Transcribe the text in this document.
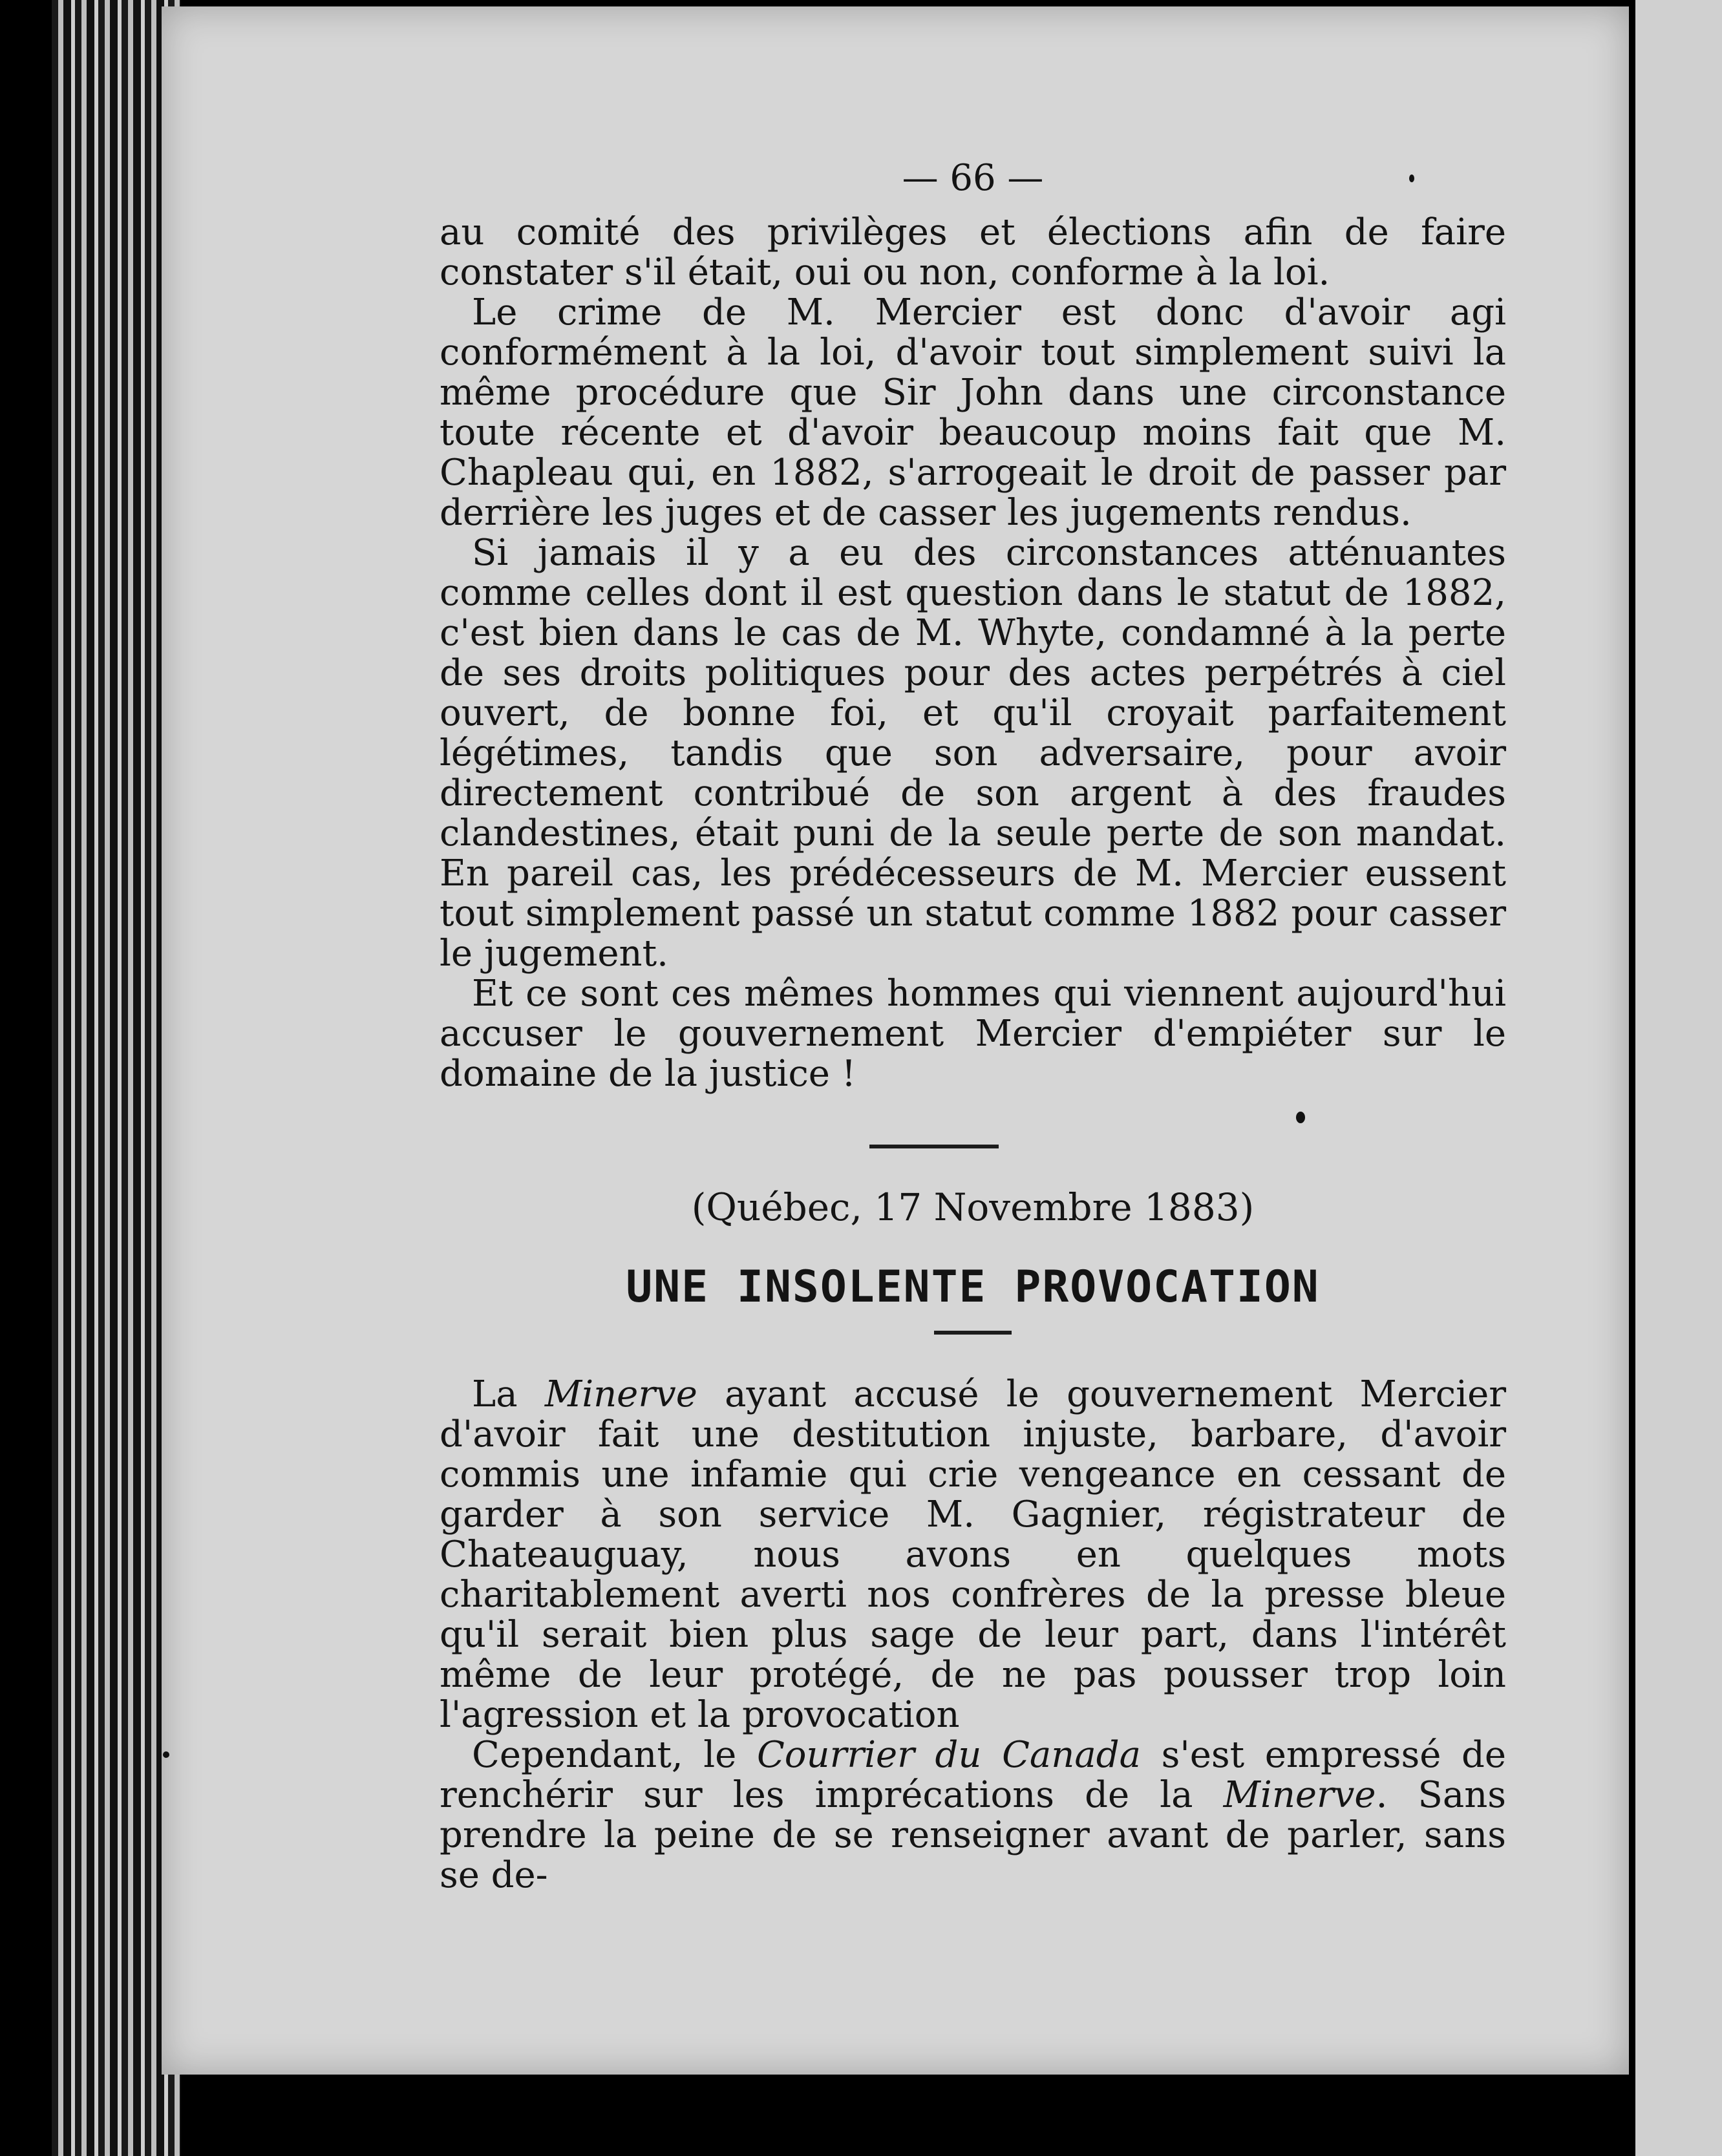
— 66 —

au comité des privilèges et élections afin de faire constater s'il était, oui ou non, conforme à la loi.

Le crime de M. Mercier est donc d'avoir agi conformément à la loi, d'avoir tout simplement suivi la même procédure que Sir John dans une circonstance toute récente et d'avoir beaucoup moins fait que M. Chapleau qui, en 1882, s'arrogeait le droit de passer par derrière les juges et de casser les jugements rendus.

Si jamais il y a eu des circonstances atténuantes comme celles dont il est question dans le statut de 1882, c'est bien dans le cas de M. Whyte, condamné à la perte de ses droits politiques pour des actes perpétrés à ciel ouvert, de bonne foi, et qu'il croyait parfaitement légétimes, tandis que son adversaire, pour avoir directement contribué de son argent à des fraudes clandestines, était puni de la seule perte de son mandat. En pareil cas, les prédécesseurs de M. Mercier eussent tout simplement passé un statut comme 1882 pour casser le jugement.

Et ce sont ces mêmes hommes qui viennent aujourd'hui accuser le gouvernement Mercier d'empiéter sur le domaine de la justice !

(Québec, 17 Novembre 1883)
UNE INSOLENTE PROVOCATION

La Minerve ayant accusé le gouvernement Mercier d'avoir fait une destitution injuste, barbare, d'avoir commis une infamie qui crie vengeance en cessant de garder à son service M. Gagnier, régistrateur de Chateauguay, nous avons en quelques mots charitablement averti nos confrères de la presse bleue qu'il serait bien plus sage de leur part, dans l'intérêt même de leur protégé, de ne pas pousser trop loin l'agression et la provocation

Cependant, le Courrier du Canada s'est empressé de renchérir sur les imprécations de la Minerve. Sans prendre la peine de se renseigner avant de parler, sans se de-
